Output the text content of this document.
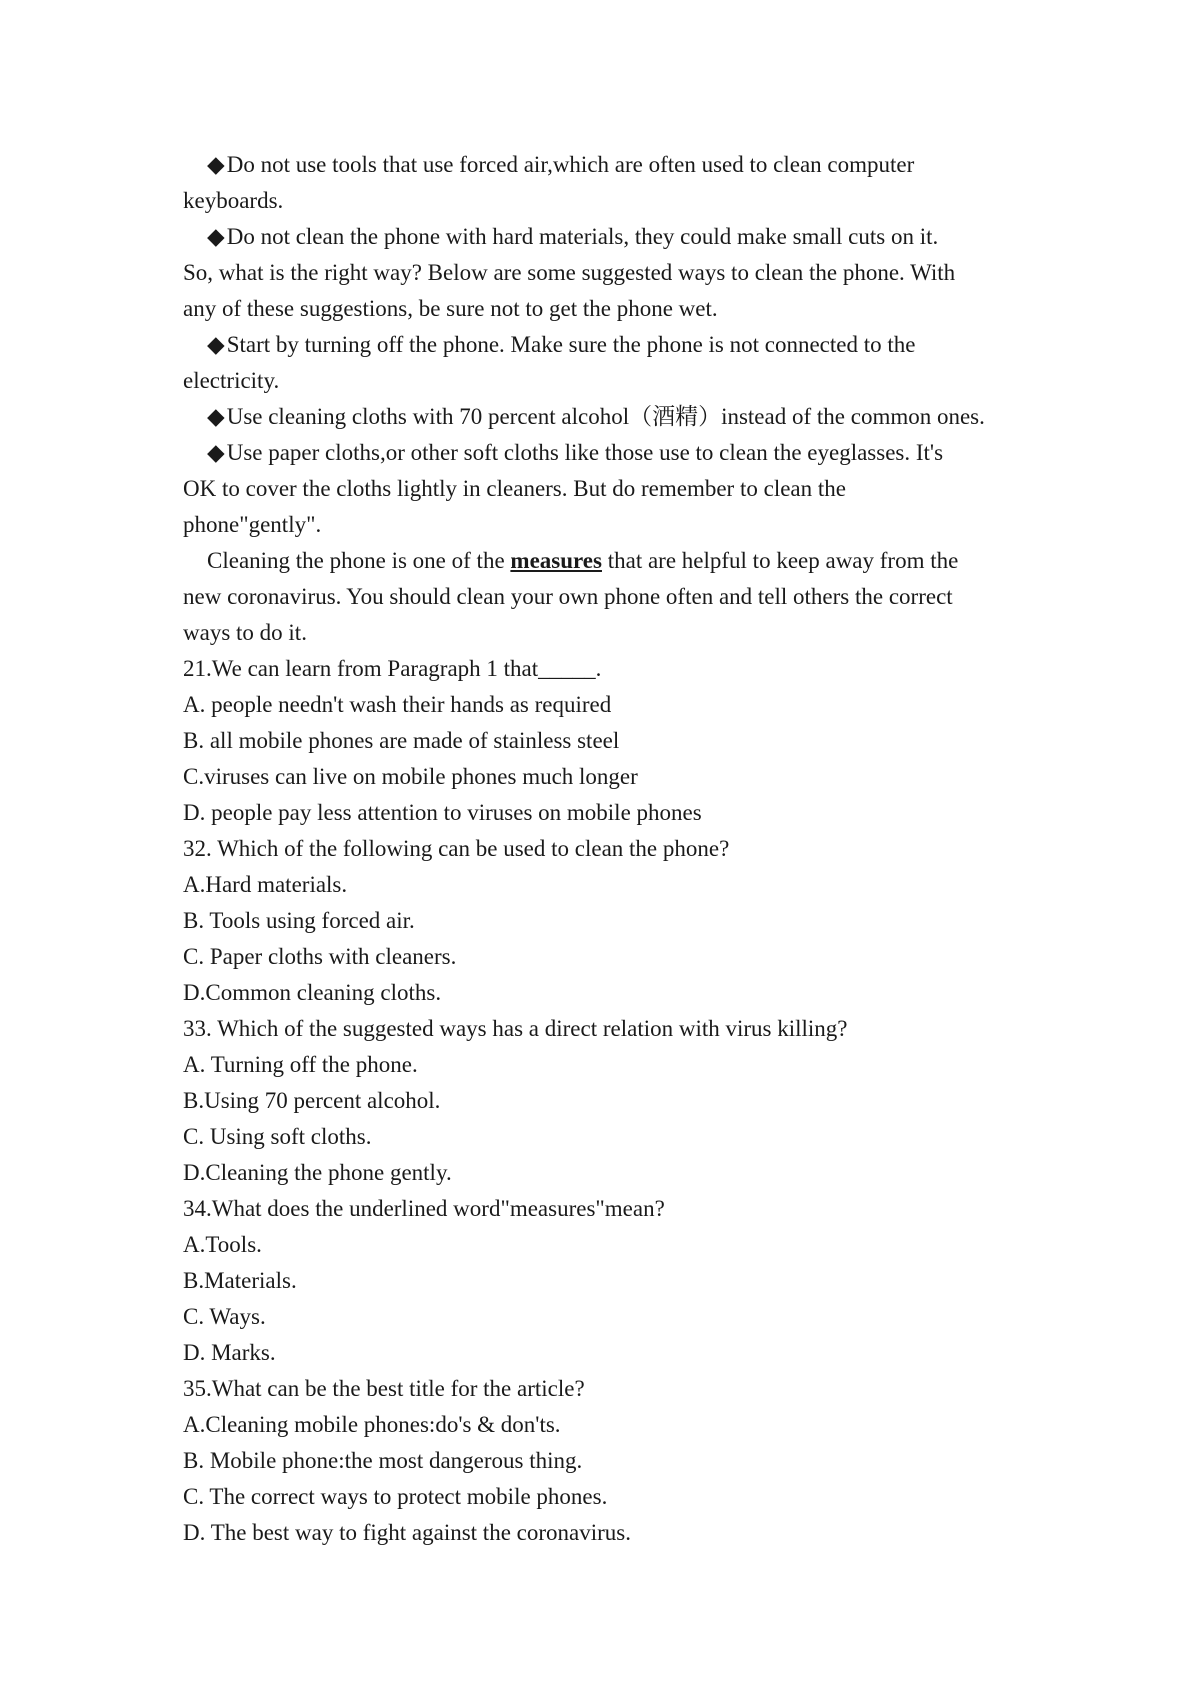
◆Do not use tools that use forced air,which are often used to clean computer
keyboards.
◆Do not clean the phone with hard materials, they could make small cuts on it.
So, what is the right way? Below are some suggested ways to clean the phone. With
any of these suggestions, be sure not to get the phone wet.
◆Start by turning off the phone. Make sure the phone is not connected to the
electricity.
◆Use cleaning cloths with 70 percent alcohol（酒精）instead of the common ones.
◆Use paper cloths,or other soft cloths like those use to clean the eyeglasses. It's
OK to cover the cloths lightly in cleaners. But do remember to clean the
phone"gently".
Cleaning the phone is one of the measures that are helpful to keep away from the
new coronavirus. You should clean your own phone often and tell others the correct
ways to do it.
21.We can learn from Paragraph 1 that_____.
A. people needn't wash their hands as required
B. all mobile phones are made of stainless steel
C.viruses can live on mobile phones much longer
D. people pay less attention to viruses on mobile phones
32. Which of the following can be used to clean the phone?
A.Hard materials.
B. Tools using forced air.
C. Paper cloths with cleaners.
D.Common cleaning cloths.
33. Which of the suggested ways has a direct relation with virus killing?
A. Turning off the phone.
B.Using 70 percent alcohol.
C. Using soft cloths.
D.Cleaning the phone gently.
34.What does the underlined word"measures"mean?
A.Tools.
B.Materials.
C. Ways.
D. Marks.
35.What can be the best title for the article?
A.Cleaning mobile phones:do's & don'ts.
B. Mobile phone:the most dangerous thing.
C. The correct ways to protect mobile phones.
D. The best way to fight against the coronavirus.
